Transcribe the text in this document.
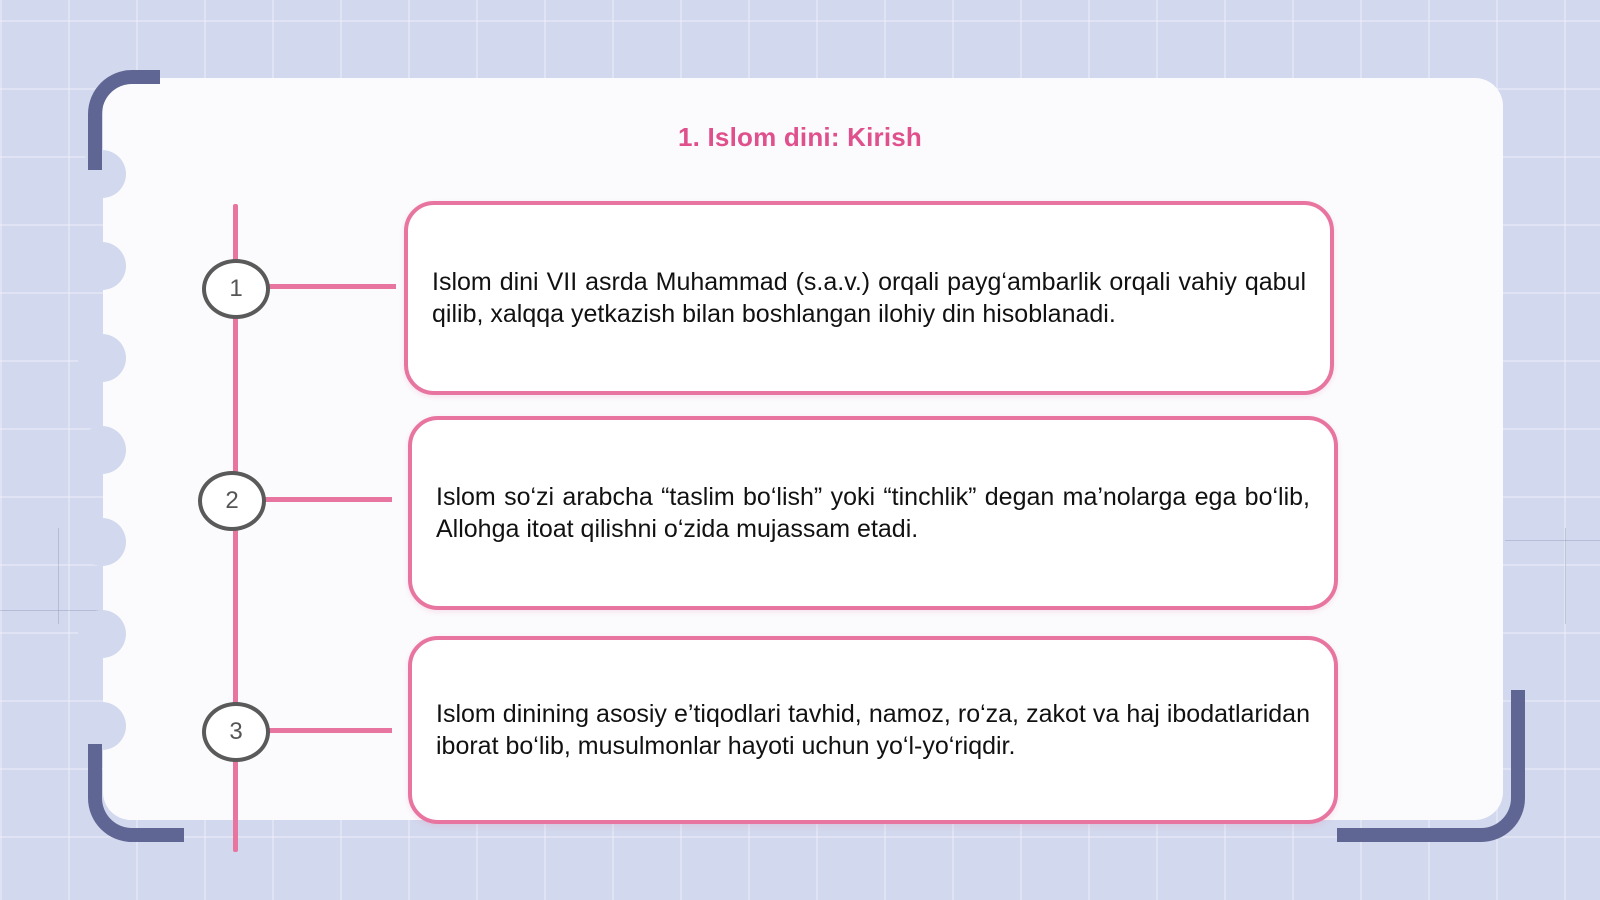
1. Islom dini: Kirish
1
2
3
Islom dini VII asrda Muhammad (s.a.v.) orqali payg‘ambarlik orqali vahiy qabul qilib, xalqqa yetkazish bilan boshlangan ilohiy din hisoblanadi.
Islom so‘zi arabcha “taslim bo‘lish” yoki “tinchlik” degan ma’nolarga ega bo‘lib, Allohga itoat qilishni o‘zida mujassam etadi.
Islom dinining asosiy e’tiqodlari tavhid, namoz, ro‘za, zakot va haj ibodatlaridan iborat bo‘lib, musulmonlar hayoti uchun yo‘l-yo‘riqdir.
